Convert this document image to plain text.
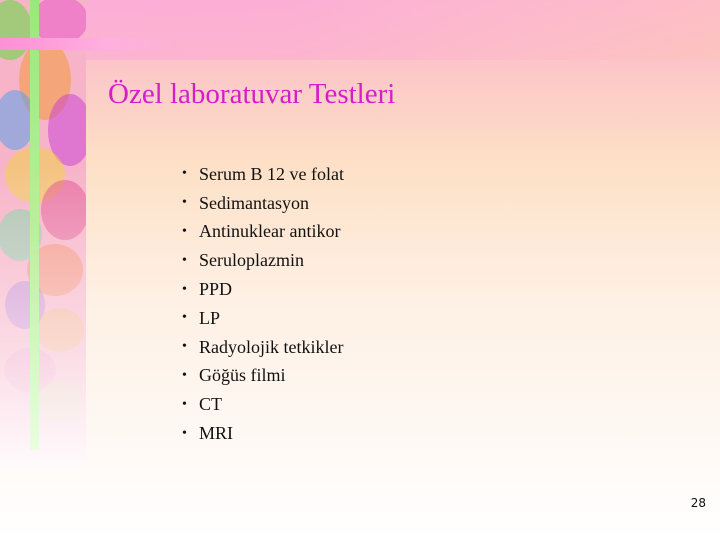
Özel laboratuvar Testleri
• Serum B 12 ve folat
• Sedimantasyon
• Antinuklear antikor
• Seruloplazmin
• PPD
• LP
• Radyolojik tetkikler
• Göğüs filmi
• CT
• MRI
28
